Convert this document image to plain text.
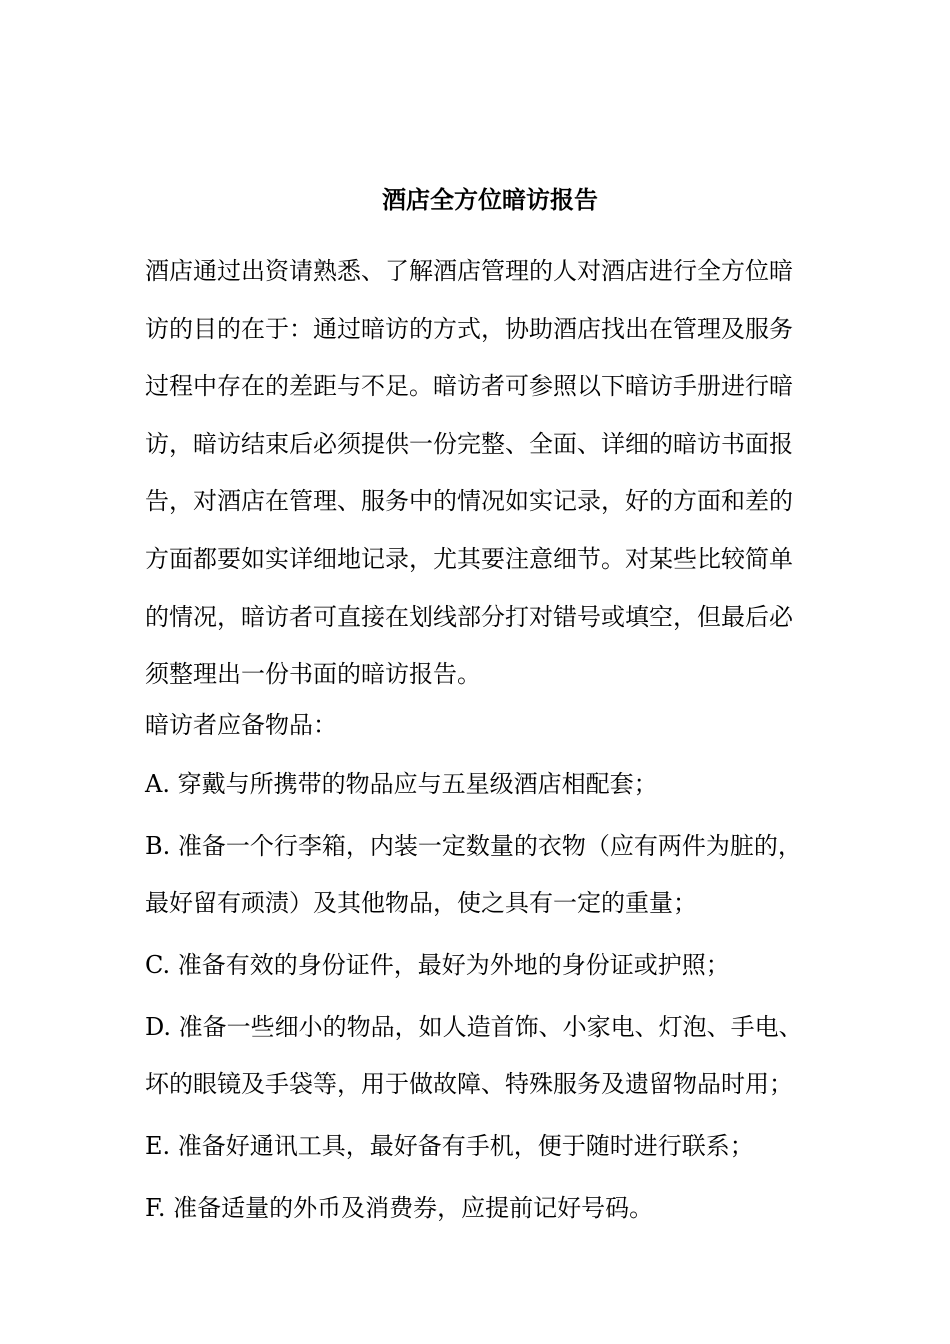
酒店全方位暗访报告

酒店通过出资请熟悉、了解酒店管理的人对酒店进行全方位暗
访的目的在于：通过暗访的方式，协助酒店找出在管理及服务
过程中存在的差距与不足。暗访者可参照以下暗访手册进行暗
访，暗访结束后必须提供一份完整、全面、详细的暗访书面报
告，对酒店在管理、服务中的情况如实记录，好的方面和差的
方面都要如实详细地记录，尤其要注意细节。对某些比较简单
的情况，暗访者可直接在划线部分打对错号或填空，但最后必
须整理出一份书面的暗访报告。

暗访者应备物品：

A. 穿戴与所携带的物品应与五星级酒店相配套；

B. 准备一个行李箱，内装一定数量的衣物（应有两件为脏的，
最好留有顽渍）及其他物品，使之具有一定的重量；

C. 准备有效的身份证件，最好为外地的身份证或护照；

D. 准备一些细小的物品，如人造首饰、小家电、灯泡、手电、
坏的眼镜及手袋等，用于做故障、特殊服务及遗留物品时用；

E. 准备好通讯工具，最好备有手机，便于随时进行联系；

F. 准备适量的外币及消费券，应提前记好号码。
